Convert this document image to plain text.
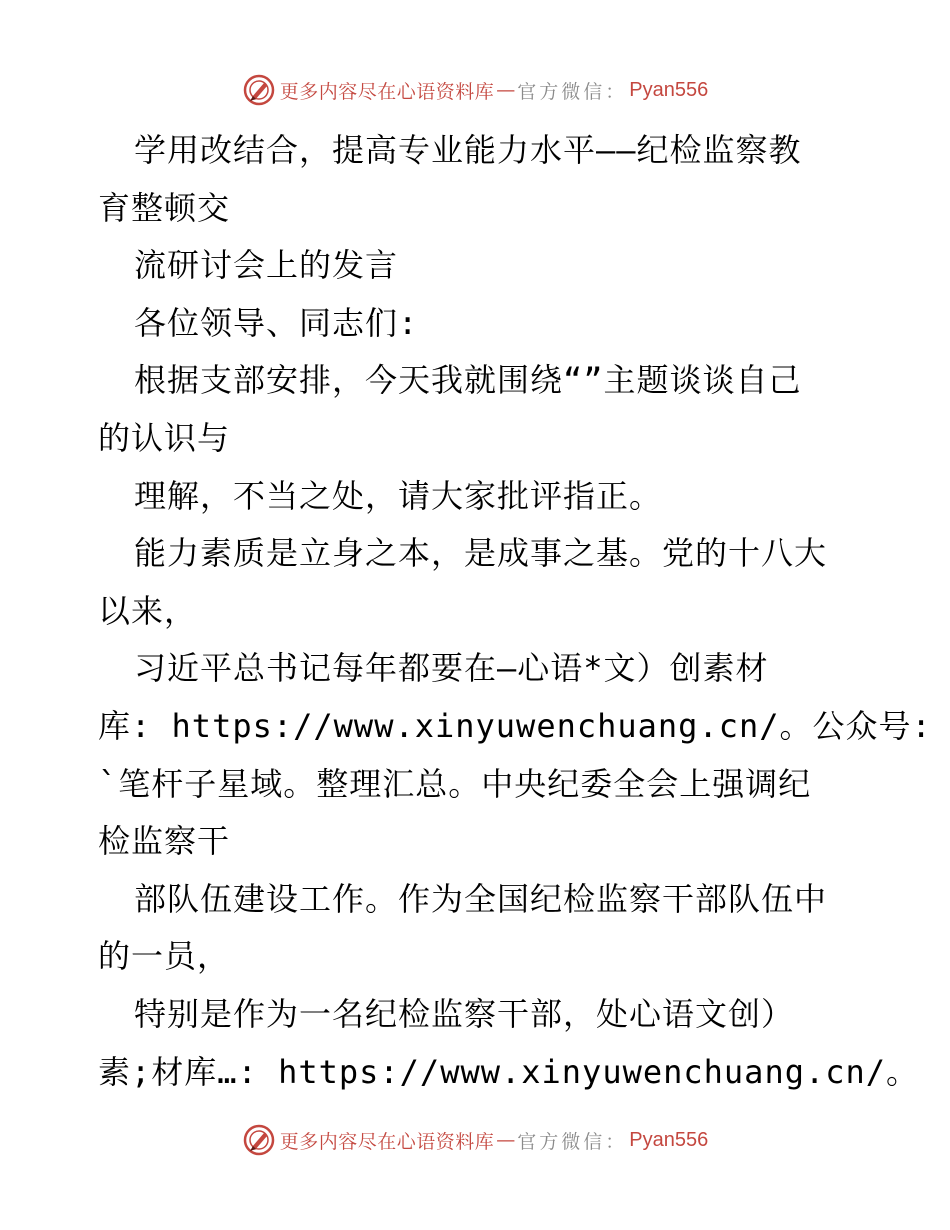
更多内容尽在心语资料库 — 官方微信： Pyan556
学用改结合，提高专业能力水平——纪检监察教
育整顿交
流研讨会上的发言
各位领导、同志们:
根据支部安排，今天我就围绕“”主题谈谈自己
的认识与
理解，不当之处，请大家批评指正。
能力素质是立身之本，是成事之基。党的十八大
以来，
习近平总书记每年都要在—心语*文）创素材
库: https://www.xinyuwenchuang.cn/。公众号:
`笔杆子星域。整理汇总。中央纪委全会上强调纪
检监察干
部队伍建设工作。作为全国纪检监察干部队伍中
的一员，
特别是作为一名纪检监察干部，处心语文创）
素;材库…: https://www.xinyuwenchuang.cn/。
更多内容尽在心语资料库 — 官方微信： Pyan556
